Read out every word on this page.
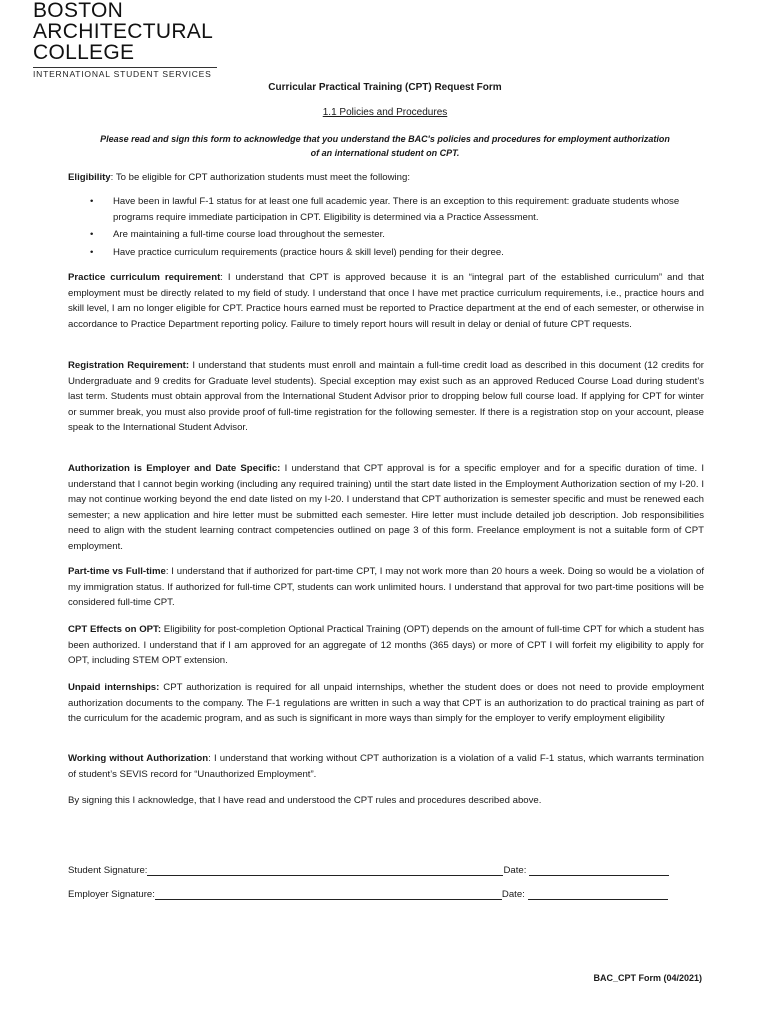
BOSTON
ARCHITECTURAL
COLLEGE
INTERNATIONAL STUDENT SERVICES
Curricular Practical Training (CPT) Request Form
1.1 Policies and Procedures
Please read and sign this form to acknowledge that you understand the BAC's policies and procedures for employment authorization of an international student on CPT.
Eligibility: To be eligible for CPT authorization students must meet the following:
• Have been in lawful F-1 status for at least one full academic year. There is an exception to this requirement: graduate students whose programs require immediate participation in CPT. Eligibility is determined via a Practice Assessment.
• Are maintaining a full-time course load throughout the semester.
• Have practice curriculum requirements (practice hours & skill level) pending for their degree.
Practice curriculum requirement: I understand that CPT is approved because it is an “integral part of the established curriculum” and that employment must be directly related to my field of study. I understand that once I have met practice curriculum requirements, i.e., practice hours and skill level, I am no longer eligible for CPT. Practice hours earned must be reported to Practice department at the end of each semester, or otherwise in accordance to Practice Department reporting policy. Failure to timely report hours will result in delay or denial of future CPT requests.
Registration Requirement: I understand that students must enroll and maintain a full-time credit load as described in this document (12 credits for Undergraduate and 9 credits for Graduate level students). Special exception may exist such as an approved Reduced Course Load during student’s last term. Students must obtain approval from the International Student Advisor prior to dropping below full course load. If applying for CPT for winter or summer break, you must also provide proof of full-time registration for the following semester. If there is a registration stop on your account, please speak to the International Student Advisor.
Authorization is Employer and Date Specific: I understand that CPT approval is for a specific employer and for a specific duration of time. I understand that I cannot begin working (including any required training) until the start date listed in the Employment Authorization section of my I-20. I may not continue working beyond the end date listed on my I-20. I understand that CPT authorization is semester specific and must be renewed each semester; a new application and hire letter must be submitted each semester. Hire letter must include detailed job description. Job responsibilities need to align with the student learning contract competencies outlined on page 3 of this form. Freelance employment is not a suitable form of CPT employment.
Part-time vs Full-time: I understand that if authorized for part-time CPT, I may not work more than 20 hours a week. Doing so would be a violation of my immigration status. If authorized for full-time CPT, students can work unlimited hours. I understand that approval for two part-time positions will be considered full-time CPT.
CPT Effects on OPT: Eligibility for post-completion Optional Practical Training (OPT) depends on the amount of full-time CPT for which a student has been authorized. I understand that if I am approved for an aggregate of 12 months (365 days) or more of CPT I will forfeit my eligibility to apply for OPT, including STEM OPT extension.
Unpaid internships: CPT authorization is required for all unpaid internships, whether the student does or does not need to provide employment authorization documents to the company. The F-1 regulations are written in such a way that CPT is an authorization to do practical training as part of the curriculum for the academic program, and as such is significant in more ways than simply for the employer to verify employment eligibility
Working without Authorization: I understand that working without CPT authorization is a violation of a valid F-1 status, which warrants termination of student’s SEVIS record for “Unauthorized Employment”.
By signing this I acknowledge, that I have read and understood the CPT rules and procedures described above.
Student Signature:	Date:
Employer Signature:	Date:
BAC_CPT Form (04/2021)
